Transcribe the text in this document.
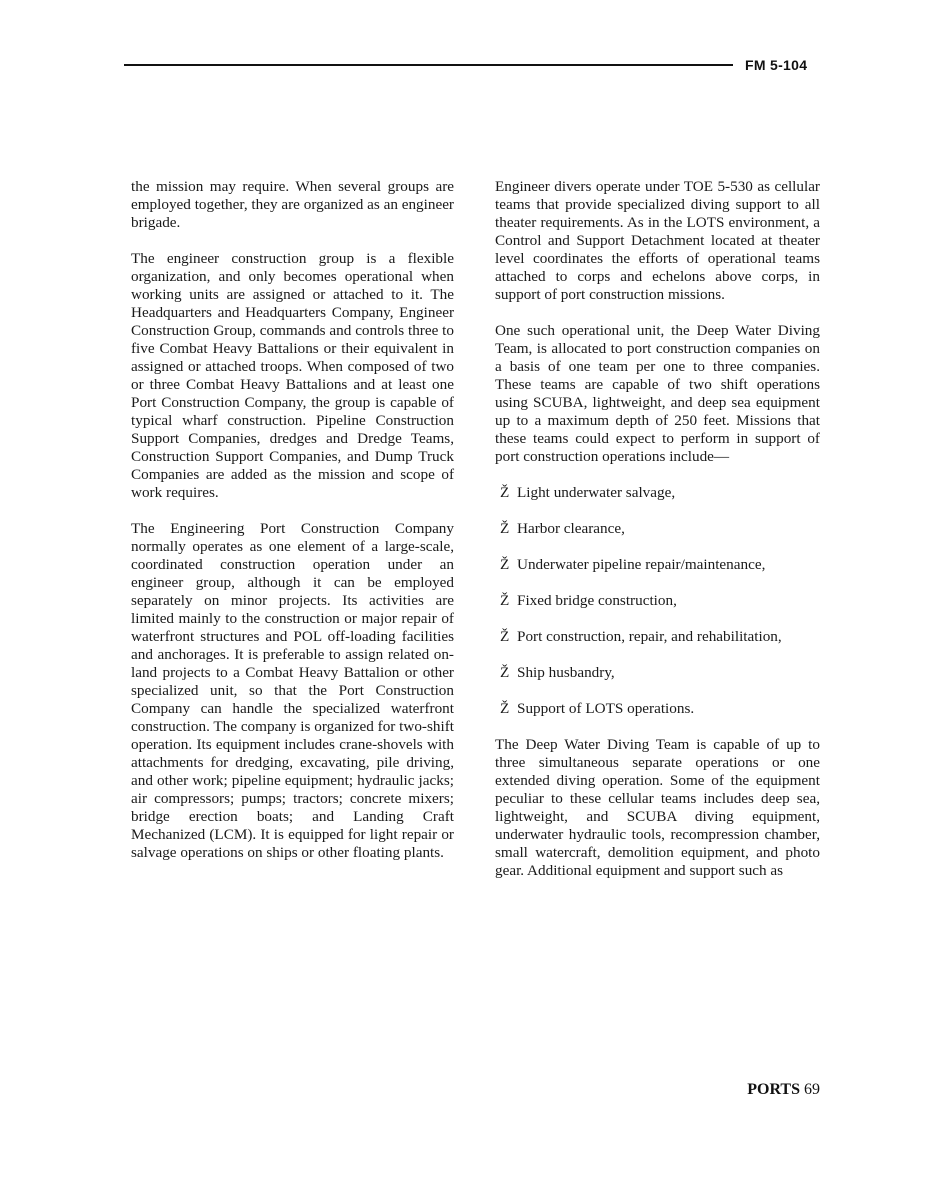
FM 5-104

the mission may require. When several groups are employed together, they are organized as an engineer brigade.

The engineer construction group is a flexible organization, and only becomes operational when working units are assigned or attached to it. The Headquarters and Headquarters Company, Engineer Construction Group, commands and controls three to five Combat Heavy Battalions or their equivalent in assigned or attached troops. When composed of two or three Combat Heavy Battalions and at least one Port Construction Company, the group is capable of typical wharf construction. Pipeline Construction Support Companies, dredges and Dredge Teams, Construction Support Companies, and Dump Truck Companies are added as the mission and scope of work requires.

The Engineering Port Construction Company normally operates as one element of a large-scale, coordinated construction operation under an engineer group, although it can be employed separately on minor projects. Its activities are limited mainly to the construction or major repair of waterfront structures and POL off-loading facilities and anchorages. It is preferable to assign related on-land projects to a Combat Heavy Battalion or other specialized unit, so that the Port Construction Company can handle the specialized waterfront construction. The company is organized for two-shift operation. Its equipment includes crane-shovels with attachments for dredging, excavating, pile driving, and other work; pipeline equipment; hydraulic jacks; air compressors; pumps; tractors; concrete mixers; bridge erection boats; and Landing Craft Mechanized (LCM). It is equipped for light repair or salvage operations on ships or other floating plants.

Engineer divers operate under TOE 5-530 as cellular teams that provide specialized diving support to all theater requirements. As in the LOTS environment, a Control and Support Detachment located at theater level coordinates the efforts of operational teams attached to corps and echelons above corps, in support of port construction missions.

One such operational unit, the Deep Water Diving Team, is allocated to port construction companies on a basis of one team per one to three companies. These teams are capable of two shift operations using SCUBA, lightweight, and deep sea equipment up to a maximum depth of 250 feet. Missions that these teams could expect to perform in support of port construction operations include—

Ž Light underwater salvage,
Ž Harbor clearance,
Ž Underwater pipeline repair/maintenance,
Ž Fixed bridge construction,
Ž Port construction, repair, and rehabilitation,
Ž Ship husbandry,
Ž Support of LOTS operations.

The Deep Water Diving Team is capable of up to three simultaneous separate operations or one extended diving operation. Some of the equipment peculiar to these cellular teams includes deep sea, lightweight, and SCUBA diving equipment, underwater hydraulic tools, recompression chamber, small watercraft, demolition equipment, and photo gear. Additional equipment and support such as

PORTS 69
